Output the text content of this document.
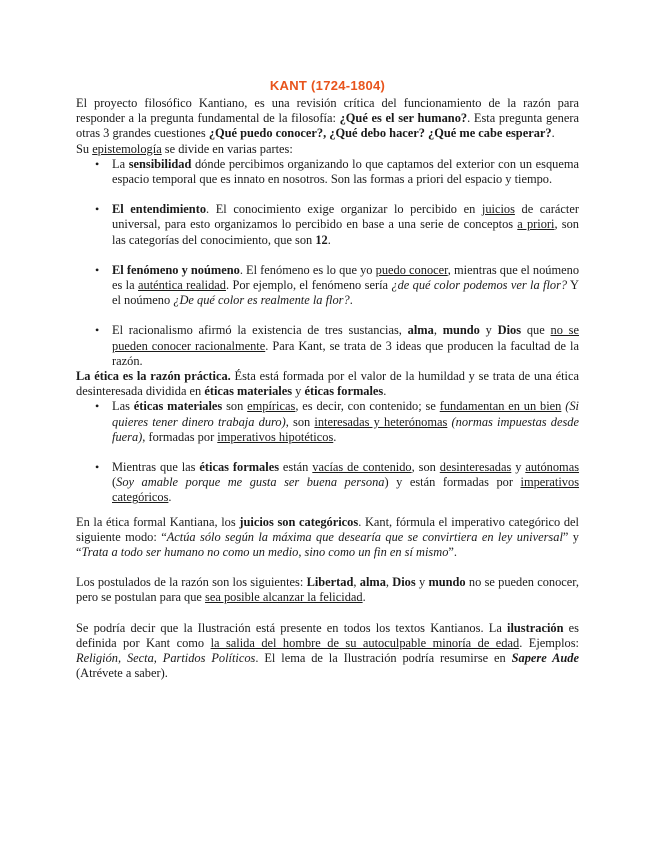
KANT (1724-1804)

El proyecto filosófico Kantiano, es una revisión crítica del funcionamiento de la razón para responder a la pregunta fundamental de la filosofía: ¿Qué es el ser humano?. Esta pregunta genera otras 3 grandes cuestiones ¿Qué puedo conocer?, ¿Qué debo hacer? ¿Qué me cabe esperar?.

Su epistemología se divide en varias partes:

• La sensibilidad dónde percibimos organizando lo que captamos del exterior con un esquema espacio temporal que es innato en nosotros. Son las formas a priori del espacio y tiempo.
• El entendimiento. El conocimiento exige organizar lo percibido en juicios de carácter universal, para esto organizamos lo percibido en base a una serie de conceptos a priori, son las categorías del conocimiento, que son 12.
• El fenómeno y noúmeno. El fenómeno es lo que yo puedo conocer, mientras que el noúmeno es la auténtica realidad. Por ejemplo, el fenómeno sería ¿de qué color podemos ver la flor? Y el noúmeno ¿De qué color es realmente la flor?.
• El racionalismo afirmó la existencia de tres sustancias, alma, mundo y Dios que no se pueden conocer racionalmente. Para Kant, se trata de 3 ideas que producen la facultad de la razón.

La ética es la razón práctica. Ésta está formada por el valor de la humildad y se trata de una ética desinteresada dividida en éticas materiales y éticas formales.

• Las éticas materiales son empíricas, es decir, con contenido; se fundamentan en un bien (Si quieres tener dinero trabaja duro), son interesadas y heterónomas (normas impuestas desde fuera), formadas por imperativos hipotéticos.
• Mientras que las éticas formales están vacías de contenido, son desinteresadas y autónomas (Soy amable porque me gusta ser buena persona) y están formadas por imperativos categóricos.

En la ética formal Kantiana, los juicios son categóricos. Kant, fórmula el imperativo categórico del siguiente modo: “Actúa sólo según la máxima que desearía que se convirtiera en ley universal” y “Trata a todo ser humano no como un medio, sino como un fin en sí mismo”.

Los postulados de la razón son los siguientes: Libertad, alma, Dios y mundo no se pueden conocer, pero se postulan para que sea posible alcanzar la felicidad.

Se podría decir que la Ilustración está presente en todos los textos Kantianos. La ilustración es definida por Kant como la salida del hombre de su autoculpable minoría de edad. Ejemplos: Religión, Secta, Partidos Políticos. El lema de la Ilustración podría resumirse en Sapere Aude (Atrévete a saber).
